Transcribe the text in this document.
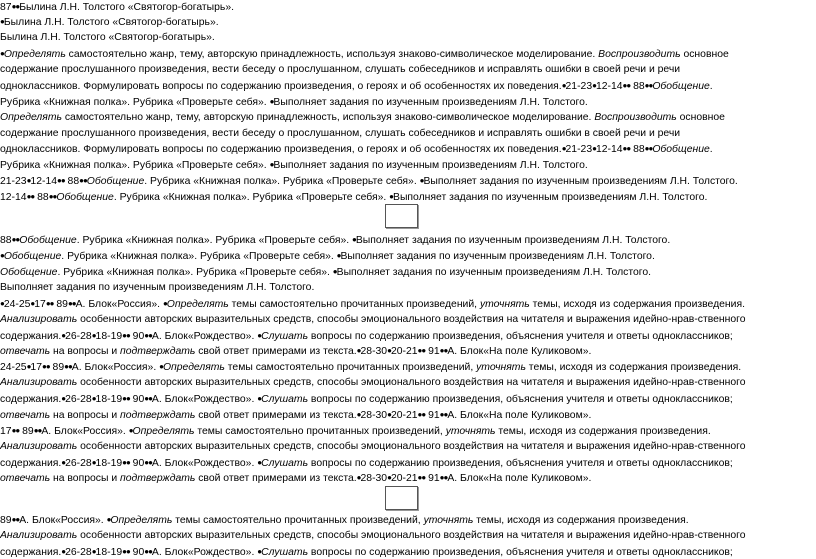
87●●Былина Л.Н. Толстого «Святогор-богатырь».
●Былина Л.Н. Толстого «Святогор-богатырь».
Былина Л.Н. Толстого «Святогор-богатырь».
●Определять самостоятельно жанр, тему, авторскую принадлежность, используя знаково-символическое моделирование. Воспроизводить основное
содержание прослушанного произведения, вести беседу о прослушанном, слушать собеседников и исправлять ошибки в своей речи и речи
одноклассников. Формулировать вопросы по содержанию произведения, о героях и об особенностях их поведения.●21-23●12-14●● 88●●Обобщение.
Рубрика «Книжная полка». Рубрика «Проверьте себя». ●Выполняет задания по изученным произведениям Л.Н. Толстого.
Определять самостоятельно жанр, тему, авторскую принадлежность, используя знаково-символическое моделирование. Воспроизводить основное
содержание прослушанного произведения, вести беседу о прослушанном, слушать собеседников и исправлять ошибки в своей речи и речи
одноклассников. Формулировать вопросы по содержанию произведения, о героях и об особенностях их поведения.●21-23●12-14●● 88●●Обобщение.
Рубрика «Книжная полка». Рубрика «Проверьте себя». ●Выполняет задания по изученным произведениям Л.Н. Толстого.
21-23●12-14●● 88●●Обобщение. Рубрика «Книжная полка». Рубрика «Проверьте себя». ●Выполняет задания по изученным произведениям Л.Н. Толстого.
12-14●● 88●●Обобщение. Рубрика «Книжная полка». Рубрика «Проверьте себя». ●Выполняет задания по изученным произведениям Л.Н. Толстого.
88●●Обобщение. Рубрика «Книжная полка». Рубрика «Проверьте себя». ●Выполняет задания по изученным произведениям Л.Н. Толстого.
●Обобщение. Рубрика «Книжная полка». Рубрика «Проверьте себя». ●Выполняет задания по изученным произведениям Л.Н. Толстого.
Обобщение. Рубрика «Книжная полка». Рубрика «Проверьте себя». ●Выполняет задания по изученным произведениям Л.Н. Толстого.
Выполняет задания по изученным произведениям Л.Н. Толстого.
●24-25●17●● 89●●А. Блок«Россия». ●Определять темы самостоятельно прочитанных произведений, уточнять темы, исходя из содержания произведения.
Анализировать особенности авторских выразительных средств, способы эмоционального воздействия на читателя и выражения идейно-нрав-ственного
содержания.●26-28●18-19●● 90●●А. Блок«Рождество». ●Слушать вопросы по содержанию произведения, объяснения учителя и ответы одноклассников;
отвечать на вопросы и подтверждать свой ответ примерами из текста.●28-30●20-21●● 91●●А. Блок«На поле Куликовом».
24-25●17●● 89●●А. Блок«Россия». ●Определять темы самостоятельно прочитанных произведений, уточнять темы, исходя из содержания произведения.
Анализировать особенности авторских выразительных средств, способы эмоционального воздействия на читателя и выражения идейно-нрав-ственного
содержания.●26-28●18-19●● 90●●А. Блок«Рождество». ●Слушать вопросы по содержанию произведения, объяснения учителя и ответы одноклассников;
отвечать на вопросы и подтверждать свой ответ примерами из текста.●28-30●20-21●● 91●●А. Блок«На поле Куликовом».
17●● 89●●А. Блок«Россия». ●Определять темы самостоятельно прочитанных произведений, уточнять темы, исходя из содержания произведения.
Анализировать особенности авторских выразительных средств, способы эмоционального воздействия на читателя и выражения идейно-нрав-ственного
содержания.●26-28●18-19●● 90●●А. Блок«Рождество». ●Слушать вопросы по содержанию произведения, объяснения учителя и ответы одноклассников;
отвечать на вопросы и подтверждать свой ответ примерами из текста.●28-30●20-21●● 91●●А. Блок«На поле Куликовом».
89●●А. Блок«Россия». ●Определять темы самостоятельно прочитанных произведений, уточнять темы, исходя из содержания произведения.
Анализировать особенности авторских выразительных средств, способы эмоционального воздействия на читателя и выражения идейно-нрав-ственного
содержания.●26-28●18-19●● 90●●А. Блок«Рождество». ●Слушать вопросы по содержанию произведения, объяснения учителя и ответы одноклассников;
